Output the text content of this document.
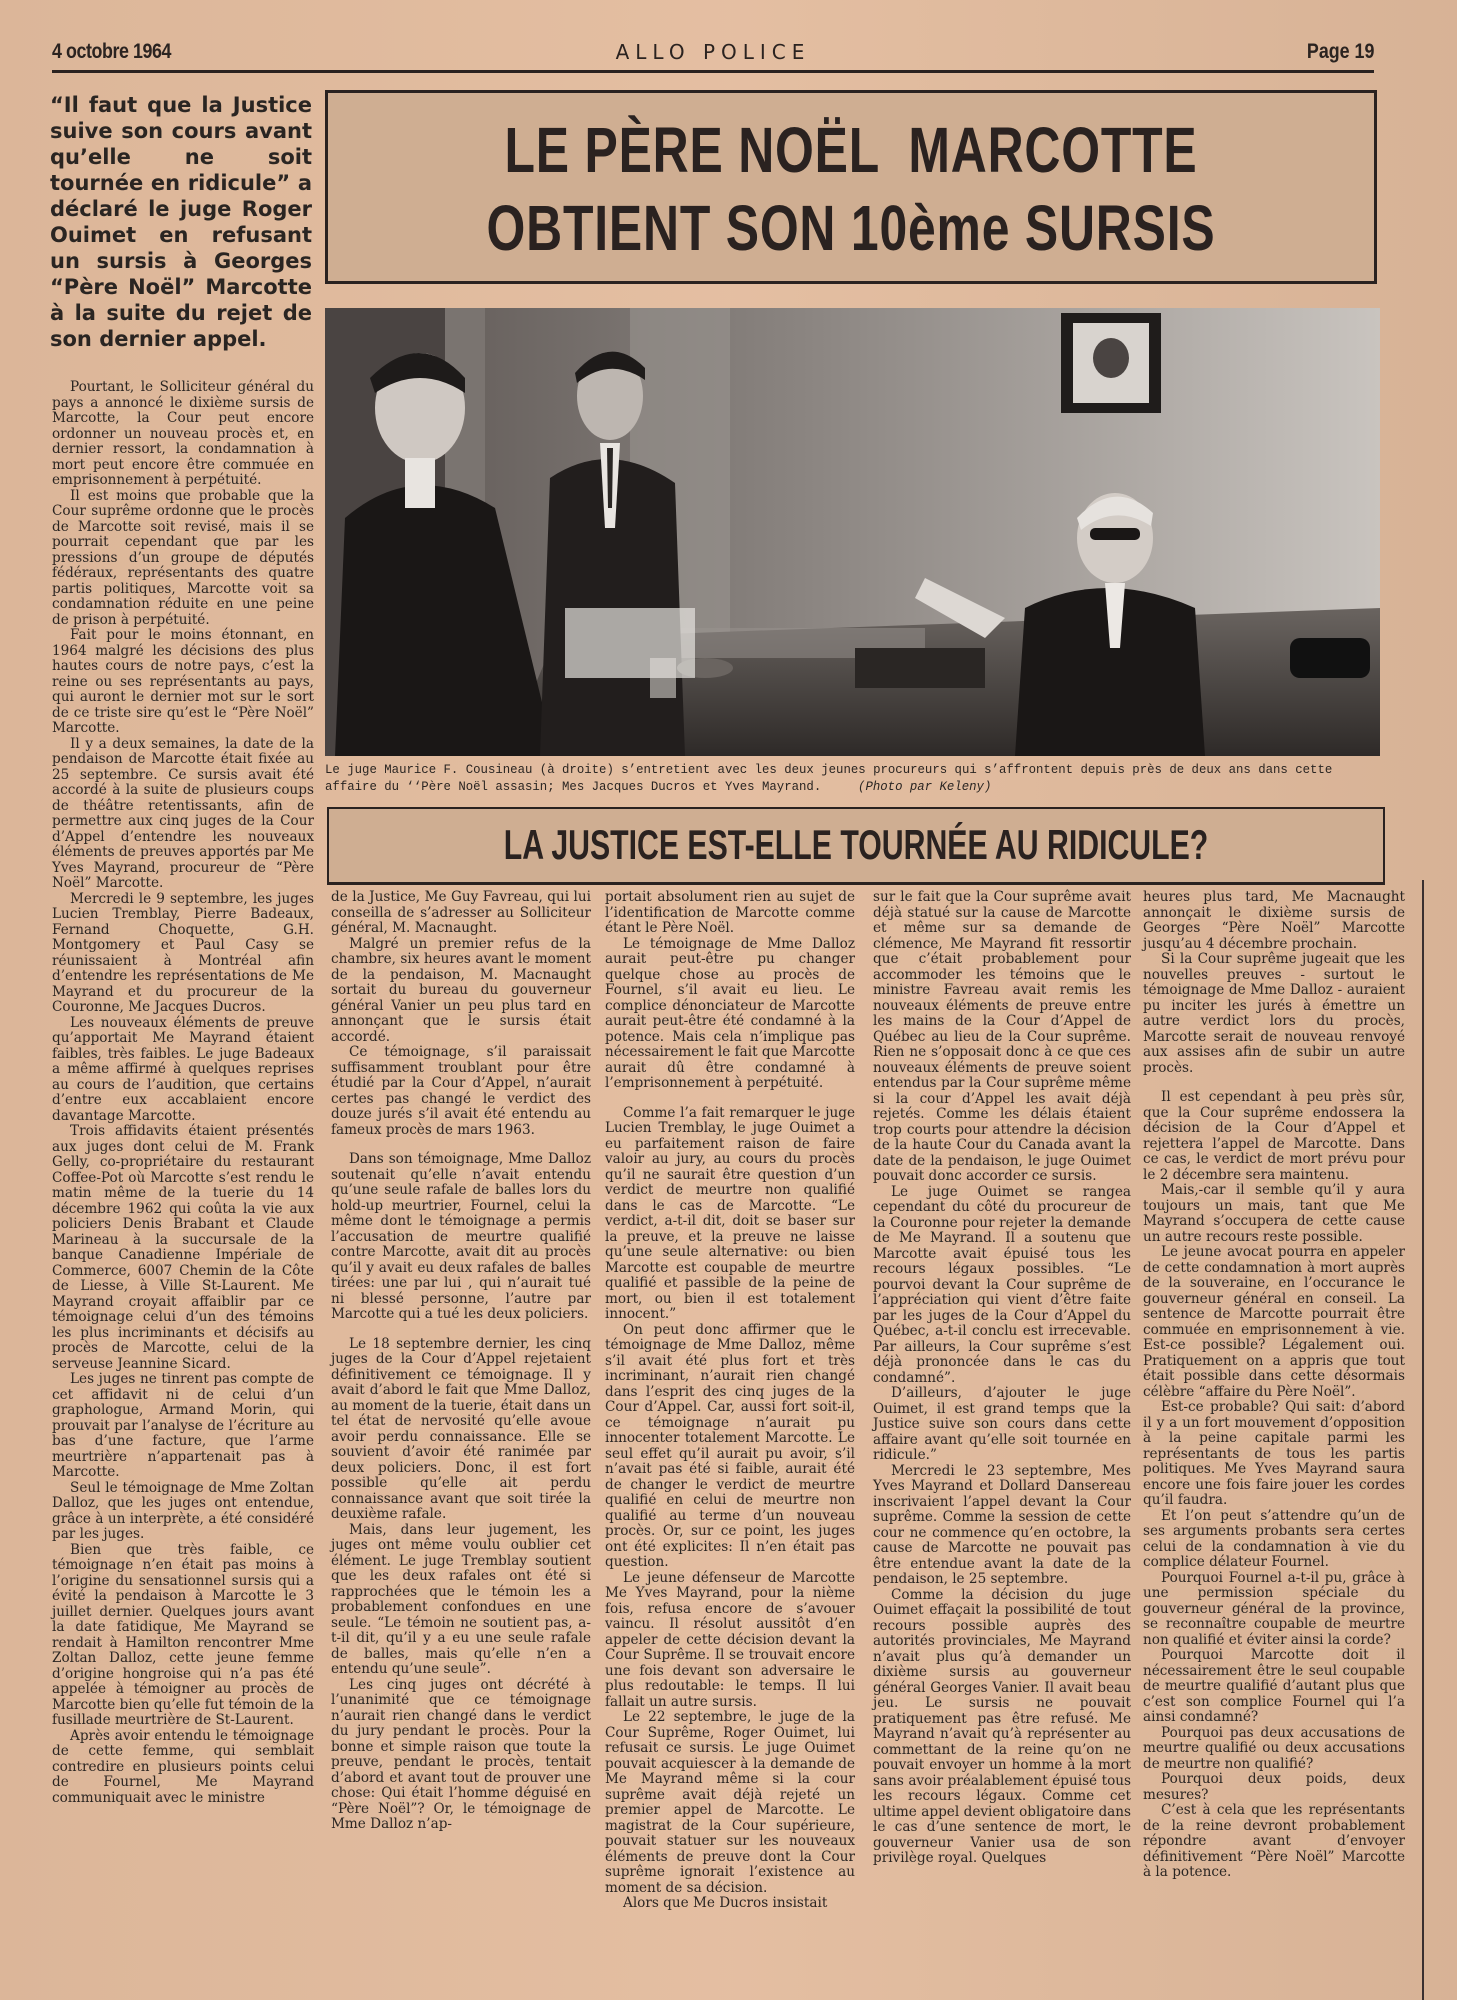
4 octobre 1964	ALLO POLICE	Page 19
“Il faut que la Justice suive son cours avant qu’elle ne soit tournée en ridicule” a déclaré le juge Roger Ouimet en refusant un sursis à Georges “Père Noël” Marcotte à la suite du rejet de son dernier appel.
LE PÈRE NOËL  MARCOTTE
OBTIENT SON 10ème SURSIS
Le juge Maurice F. Cousineau (à droite) s’entretient avec les deux jeunes procureurs qui s’affrontent depuis près de deux ans dans cette affaire du ‘‘Père Noël assasin; Mes Jacques Ducros et Yves Mayrand.	(Photo par Keleny)
LA JUSTICE EST-ELLE TOURNÉE AU RIDICULE?

Pourtant, le Solliciteur général du pays a annoncé le dixième sursis de Marcotte, la Cour peut encore ordonner un nouveau procès et, en dernier ressort, la condamnation à mort peut encore être commuée en emprisonnement à perpétuité.

Il est moins que probable que la Cour suprême ordonne que le procès de Marcotte soit revisé, mais il se pourrait cependant que par les pressions d’un groupe de députés fédéraux, représentants des quatre partis politiques, Marcotte voit sa condamnation réduite en une peine de prison à perpétuité.

Fait pour le moins étonnant, en 1964 malgré les décisions des plus hautes cours de notre pays, c’est la reine ou ses représentants au pays, qui auront le dernier mot sur le sort de ce triste sire qu’est le “Père Noël” Marcotte.

Il y a deux semaines, la date de la pendaison de Marcotte était fixée au 25 septembre. Ce sursis avait été accordé à la suite de plusieurs coups de théâtre retentissants, afin de permettre aux cinq juges de la Cour d’Appel d’entendre les nouveaux éléments de preuves apportés par Me Yves Mayrand, procureur de “Père Noël” Marcotte.

Mercredi le 9 septembre, les juges Lucien Tremblay, Pierre Badeaux, Fernand Choquette, G.H. Montgomery et Paul Casy se réunissaient à Montréal afin d’entendre les représentations de Me Mayrand et du procureur de la Couronne, Me Jacques Ducros.

Les nouveaux éléments de preuve qu’apportait Me Mayrand étaient faibles, très faibles. Le juge Badeaux a même affirmé à quelques reprises au cours de l’audition, que certains d’entre eux accablaient encore davantage Marcotte.

Trois affidavits étaient présentés aux juges dont celui de M. Frank Gelly, co-propriétaire du restaurant Coffee-Pot où Marcotte s’est rendu le matin même de la tuerie du 14 décembre 1962 qui coûta la vie aux policiers Denis Brabant et Claude Marineau à la succursale de la banque Canadienne Impériale de Commerce, 6007 Chemin de la Côte de Liesse, à Ville St-Laurent. Me Mayrand croyait affaiblir par ce témoignage celui d’un des témoins les plus incriminants et décisifs au procès de Marcotte, celui de la serveuse Jeannine Sicard.

Les juges ne tinrent pas compte de cet affidavit ni de celui d’un graphologue, Armand Morin, qui prouvait par l’analyse de l’écriture au bas d’une facture, que l’arme meurtrière n’appartenait pas à Marcotte.

Seul le témoignage de Mme Zoltan Dalloz, que les juges ont entendue, grâce à un interprète, a été considéré par les juges.

Bien que très faible, ce témoignage n’en était pas moins à l’origine du sensationnel sursis qui a évité la pendaison à Marcotte le 3 juillet dernier. Quelques jours avant la date fatidique, Me Mayrand se rendait à Hamilton rencontrer Mme Zoltan Dalloz, cette jeune femme d’origine hongroise qui n’a pas été appelée à témoigner au procès de Marcotte bien qu’elle fut témoin de la fusillade meurtrière de St-Laurent.

Après avoir entendu le témoignage de cette femme, qui semblait contredire en plusieurs points celui de Fournel, Me Mayrand communiquait avec le ministre

de la Justice, Me Guy Favreau, qui lui conseilla de s’adresser au Solliciteur général, M. Macnaught.

Malgré un premier refus de la chambre, six heures avant le moment de la pendaison, M. Macnaught sortait du bureau du gouverneur général Vanier un peu plus tard en annonçant que le sursis était accordé.

Ce témoignage, s’il paraissait suffisamment troublant pour être étudié par la Cour d’Appel, n’aurait certes pas changé le verdict des douze jurés s’il avait été entendu au fameux procès de mars 1963.

Dans son témoignage, Mme Dalloz soutenait qu’elle n’avait entendu qu’une seule rafale de balles lors du hold-up meurtrier, Fournel, celui la même dont le témoignage a permis l’accusation de meurtre qualifié contre Marcotte, avait dit au procès qu’il y avait eu deux rafales de balles tirées: une par lui , qui n’aurait tué ni blessé personne, l’autre par Marcotte qui a tué les deux policiers.

Le 18 septembre dernier, les cinq juges de la Cour d’Appel rejetaient définitivement ce témoignage. Il y avait d’abord le fait que Mme Dalloz, au moment de la tuerie, était dans un tel état de nervosité qu’elle avoue avoir perdu connaissance. Elle se souvient d’avoir été ranimée par deux policiers. Donc, il est fort possible qu’elle ait perdu connaissance avant que soit tirée la deuxième rafale.

Mais, dans leur jugement, les juges ont même voulu oublier cet élément. Le juge Tremblay soutient que les deux rafales ont été si rapprochées que le témoin les a probablement confondues en une seule. “Le témoin ne soutient pas, a-t-il dit, qu’il y a eu une seule rafale de balles, mais qu’elle n’en a entendu qu’une seule”.

Les cinq juges ont décrété à l’unanimité que ce témoignage n’aurait rien changé dans le verdict du jury pendant le procès. Pour la bonne et simple raison que toute la preuve, pendant le procès, tentait d’abord et avant tout de prouver une chose: Qui était l’homme déguisé en “Père Noël”? Or, le témoignage de Mme Dalloz n’ap-

portait absolument rien au sujet de l’identification de Marcotte comme étant le Père Noël.

Le témoignage de Mme Dalloz aurait peut-être pu changer quelque chose au procès de Fournel, s’il avait eu lieu. Le complice dénonciateur de Marcotte aurait peut-être été condamné à la potence. Mais cela n’implique pas nécessairement le fait que Marcotte aurait dû être condamné à l’emprisonnement à perpétuité.

Comme l’a fait remarquer le juge Lucien Tremblay, le juge Ouimet a eu parfaitement raison de faire valoir au jury, au cours du procès qu’il ne saurait être question d’un verdict de meurtre non qualifié dans le cas de Marcotte. “Le verdict, a-t-il dit, doit se baser sur la preuve, et la preuve ne laisse qu’une seule alternative: ou bien Marcotte est coupable de meurtre qualifié et passible de la peine de mort, ou bien il est totalement innocent.”

On peut donc affirmer que le témoignage de Mme Dalloz, même s’il avait été plus fort et très incriminant, n’aurait rien changé dans l’esprit des cinq juges de la Cour d’Appel. Car, aussi fort soit-il, ce témoignage n’aurait pu innocenter totalement Marcotte. Le seul effet qu’il aurait pu avoir, s’il n’avait pas été si faible, aurait été de changer le verdict de meurtre qualifié en celui de meurtre non qualifié au terme d’un nouveau procès. Or, sur ce point, les juges ont été explicites: Il n’en était pas question.

Le jeune défenseur de Marcotte Me Yves Mayrand, pour la nième fois, refusa encore de s’avouer vaincu. Il résolut aussitôt d’en appeler de cette décision devant la Cour Suprême. Il se trouvait encore une fois devant son adversaire le plus redoutable: le temps. Il lui fallait un autre sursis.

Le 22 septembre, le juge de la Cour Suprême, Roger Ouimet, lui refusait ce sursis. Le juge Ouimet pouvait acquiescer à la demande de Me Mayrand même si la cour suprême avait déjà rejeté un premier appel de Marcotte. Le magistrat de la Cour supérieure, pouvait statuer sur les nouveaux éléments de preuve dont la Cour suprême ignorait l’existence au moment de sa décision.

Alors que Me Ducros insistait

sur le fait que la Cour suprême avait déjà statué sur la cause de Marcotte et même sur sa demande de clémence, Me Mayrand fit ressortir que c’était probablement pour accommoder les témoins que le ministre Favreau avait remis les nouveaux éléments de preuve entre les mains de la Cour d’Appel de Québec au lieu de la Cour suprême. Rien ne s’opposait donc à ce que ces nouveaux éléments de preuve soient entendus par la Cour suprême même si la cour d’Appel les avait déjà rejetés. Comme les délais étaient trop courts pour attendre la décision de la haute Cour du Canada avant la date de la pendaison, le juge Ouimet pouvait donc accorder ce sursis.

Le juge Ouimet se rangea cependant du côté du procureur de la Couronne pour rejeter la demande de Me Mayrand. Il a soutenu que Marcotte avait épuisé tous les recours légaux possibles. “Le pourvoi devant la Cour suprême de l’appréciation qui vient d’être faite par les juges de la Cour d’Appel du Québec, a-t-il conclu est irrecevable. Par ailleurs, la Cour suprême s’est déjà prononcée dans le cas du condamné”.

D’ailleurs, d’ajouter le juge Ouimet, il est grand temps que la Justice suive son cours dans cette affaire avant qu’elle soit tournée en ridicule.”

Mercredi le 23 septembre, Mes Yves Mayrand et Dollard Dansereau inscrivaient l’appel devant la Cour suprême. Comme la session de cette cour ne commence qu’en octobre, la cause de Marcotte ne pouvait pas être entendue avant la date de la pendaison, le 25 septembre.

Comme la décision du juge Ouimet effaçait la possibilité de tout recours possible auprès des autorités provinciales, Me Mayrand n’avait plus qu’à demander un dixième sursis au gouverneur général Georges Vanier. Il avait beau jeu. Le sursis ne pouvait pratiquement pas être refusé. Me Mayrand n’avait qu’à représenter au commettant de la reine qu’on ne pouvait envoyer un homme à la mort sans avoir préalablement épuisé tous les recours légaux. Comme cet ultime appel devient obligatoire dans le cas d’une sentence de mort, le gouverneur Vanier usa de son privilège royal. Quelques

heures plus tard, Me Macnaught annonçait le dixième sursis de Georges “Père Noël” Marcotte jusqu’au 4 décembre prochain.

Si la Cour suprême jugeait que les nouvelles preuves - surtout le témoignage de Mme Dalloz - auraient pu inciter les jurés à émettre un autre verdict lors du procès, Marcotte serait de nouveau renvoyé aux assises afin de subir un autre procès.

Il est cependant à peu près sûr, que la Cour suprême endossera la décision de la Cour d’Appel et rejettera l’appel de Marcotte. Dans ce cas, le verdict de mort prévu pour le 2 décembre sera maintenu.

Mais,-car il semble qu’il y aura toujours un mais, tant que Me Mayrand s’occupera de cette cause un autre recours reste possible.

Le jeune avocat pourra en appeler de cette condamnation à mort auprès de la souveraine, en l’occurance le gouverneur général en conseil. La sentence de Marcotte pourrait être commuée en emprisonnement à vie. Est-ce possible? Légalement oui. Pratiquement on a appris que tout était possible dans cette désormais célèbre “affaire du Père Noël”.

Est-ce probable? Qui sait: d’abord il y a un fort mouvement d’opposition à la peine capitale parmi les représentants de tous les partis politiques. Me Yves Mayrand saura encore une fois faire jouer les cordes qu’il faudra.

Et l’on peut s’attendre qu’un de ses arguments probants sera certes celui de la condamnation à vie du complice délateur Fournel.

Pourquoi Fournel a-t-il pu, grâce à une permission spéciale du gouverneur général de la province, se reconnaître coupable de meurtre non qualifié et éviter ainsi la corde?

Pourquoi Marcotte doit il nécessairement être le seul coupable de meurtre qualifié d’autant plus que c’est son complice Fournel qui l’a ainsi condamné?

Pourquoi pas deux accusations de meurtre qualifié ou deux accusations de meurtre non qualifié?

Pourquoi deux poids, deux mesures?

C’est à cela que les représentants de la reine devront probablement répondre avant d’envoyer définitivement “Père Noël” Marcotte à la potence.
